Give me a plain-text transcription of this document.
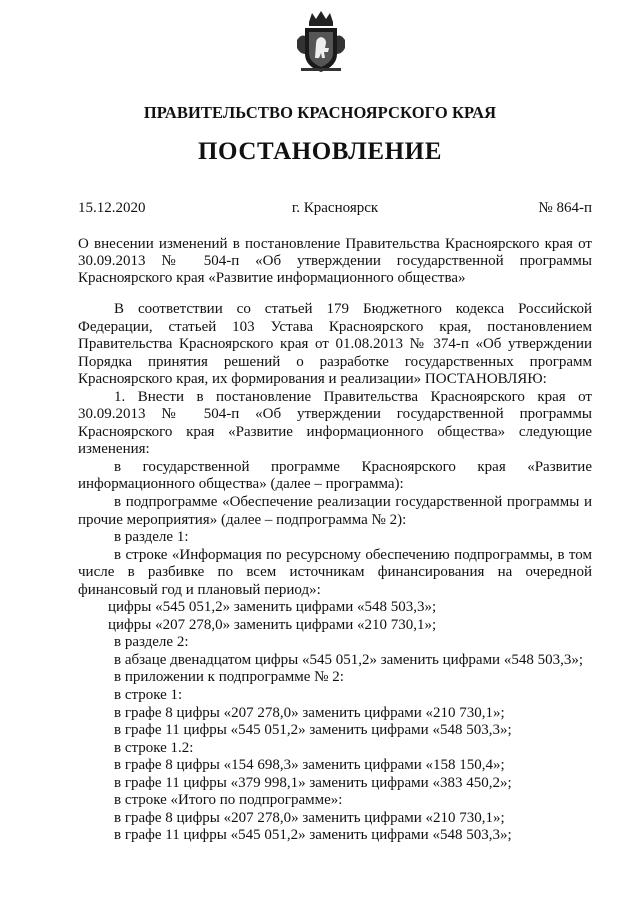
ПРАВИТЕЛЬСТВО КРАСНОЯРСКОГО КРАЯ
ПОСТАНОВЛЕНИЕ
15.12.2020	г. Красноярск	№ 864-п
О внесении изменений в постановление Правительства Красноярского края от 30.09.2013 № 504-п «Об утверждении государственной программы Красноярского края «Развитие информационного общества»

В соответствии со статьей 179 Бюджетного кодекса Российской Федерации, статьей 103 Устава Красноярского края, постановлением Правительства Красноярского края от 01.08.2013 № 374-п «Об утверждении Порядка принятия решений о разработке государственных программ Красноярского края, их формирования и реализации» ПОСТАНОВЛЯЮ:

1. Внести в постановление Правительства Красноярского края от 30.09.2013 № 504-п «Об утверждении государственной программы Красноярского края «Развитие информационного общества» следующие изменения:

в государственной программе Красноярского края «Развитие информационного общества» (далее – программа):

в подпрограмме «Обеспечение реализации государственной программы и прочие мероприятия» (далее – подпрограмма № 2):

в разделе 1:

в строке «Информация по ресурсному обеспечению подпрограммы, в том числе в разбивке по всем источникам финансирования на очередной финансовый год и плановый период»:

цифры «545 051,2» заменить цифрами «548 503,3»;

цифры «207 278,0» заменить цифрами «210 730,1»;

в разделе 2:

в абзаце двенадцатом цифры «545 051,2» заменить цифрами «548 503,3»;

в приложении к подпрограмме № 2:

в строке 1:

в графе 8 цифры «207 278,0» заменить цифрами «210 730,1»;

в графе 11 цифры «545 051,2» заменить цифрами «548 503,3»;

в строке 1.2:

в графе 8 цифры «154 698,3» заменить цифрами «158 150,4»;

в графе 11 цифры «379 998,1» заменить цифрами «383 450,2»;

в строке «Итого по подпрограмме»:

в графе 8 цифры «207 278,0» заменить цифрами «210 730,1»;

в графе 11 цифры «545 051,2» заменить цифрами «548 503,3»;
